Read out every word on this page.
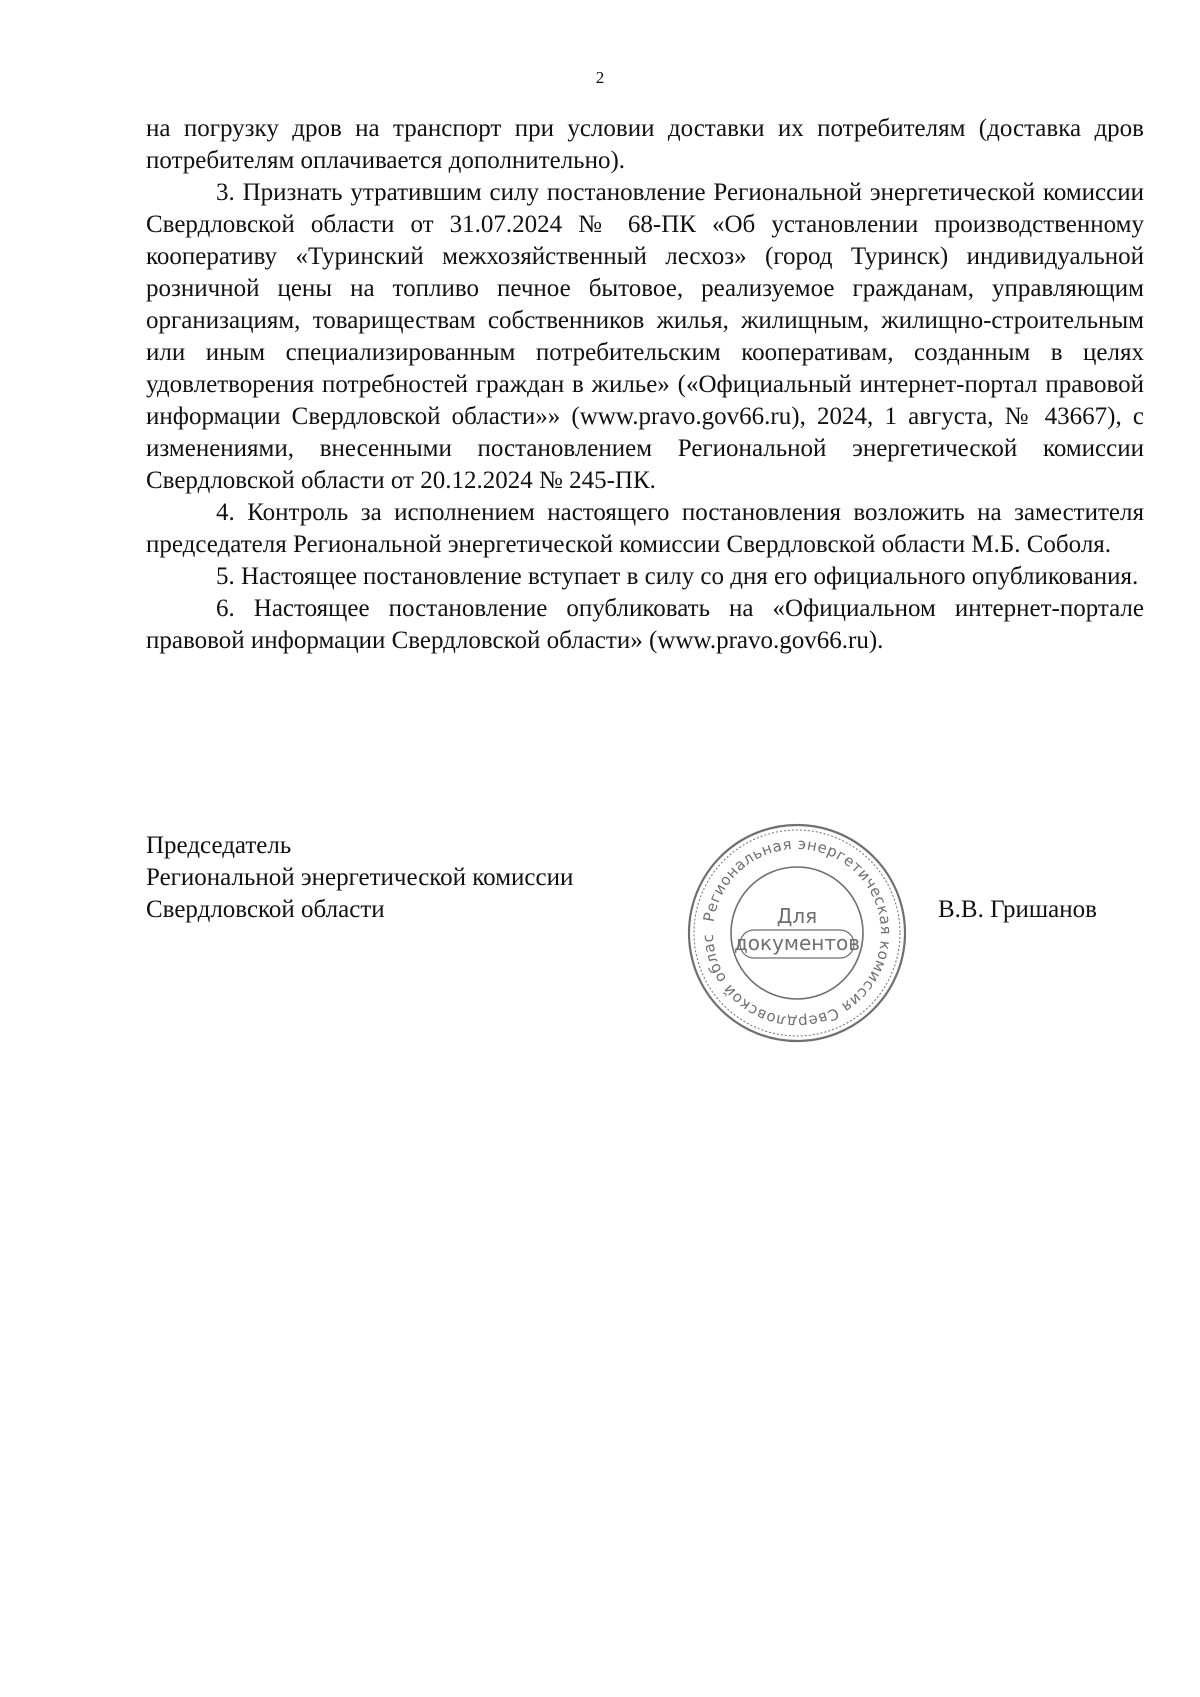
2

на погрузку дров на транспорт при условии доставки их потребителям (доставка дров потребителям оплачивается дополнительно).

3. Признать утратившим силу постановление Региональной энергетической комиссии Свердловской области от 31.07.2024 № 68-ПК «Об установлении производственному кооперативу «Туринский межхозяйственный лесхоз» (город Туринск) индивидуальной розничной цены на топливо печное бытовое, реализуемое гражданам, управляющим организациям, товариществам собственников жилья, жилищным, жилищно-строительным или иным специализированным потребительским кооперативам, созданным в целях удовлетворения потребностей граждан в жилье» («Официальный интернет-портал правовой информации Свердловской области»» (www.pravo.gov66.ru), 2024, 1 августа, № 43667), с изменениями, внесенными постановлением Региональной энергетической комиссии Свердловской области от 20.12.2024 № 245-ПК.

4. Контроль за исполнением настоящего постановления возложить на заместителя председателя Региональной энергетической комиссии Свердловской области М.Б. Соболя.

5. Настоящее постановление вступает в силу со дня его официального опубликования.

6. Настоящее постановление опубликовать на «Официальном интернет-портале правовой информации Свердловской области» (www.pravo.gov66.ru).

Председатель
Региональной энергетической комиссии
Свердловской области	Региональная энергетическая комиссия Свердловской облас
Для
документов
В.В. Гришанов
